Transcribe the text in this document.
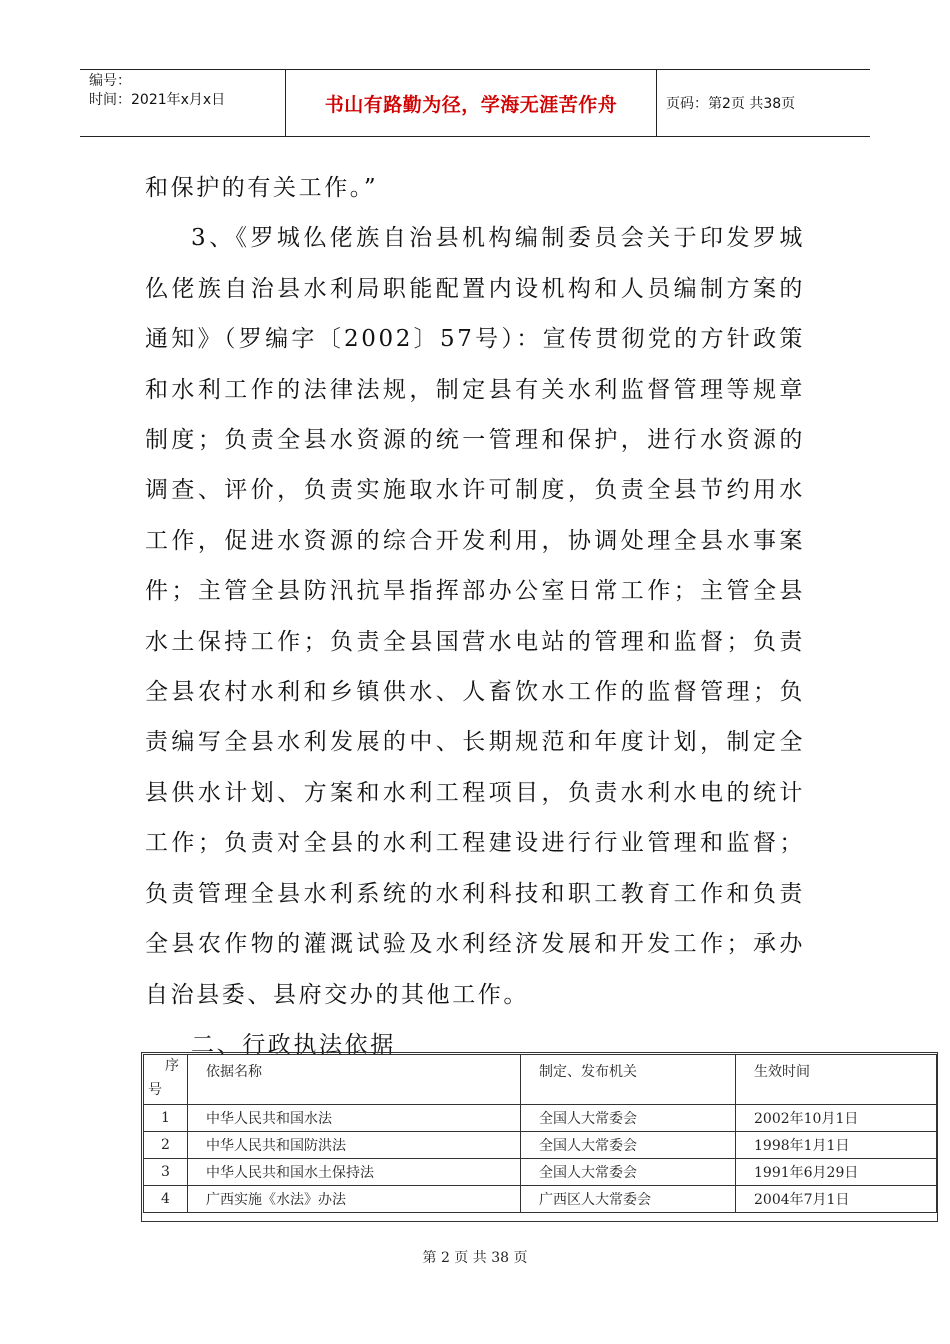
编号：
时间：2021年x月x日	书山有路勤为径，学海无涯苦作舟	页码：第2页 共38页

和保护的有关工作。”

3、《罗城仫佬族自治县机构编制委员会关于印发罗城仫佬族自治县水利局职能配置内设机构和人员编制方案的通知》（罗编字〔2002〕57号）：宣传贯彻党的方针政策和水利工作的法律法规，制定县有关水利监督管理等规章制度；负责全县水资源的统一管理和保护，进行水资源的调查、评价，负责实施取水许可制度，负责全县节约用水工作，促进水资源的综合开发利用，协调处理全县水事案件；主管全县防汛抗旱指挥部办公室日常工作；主管全县水土保持工作；负责全县国营水电站的管理和监督；负责全县农村水利和乡镇供水、人畜饮水工作的监督管理；负责编写全县水利发展的中、长期规范和年度计划，制定全县供水计划、方案和水利工程项目，负责水利水电的统计工作；负责对全县的水利工程建设进行行业管理和监督；负责管理全县水利系统的水利科技和职工教育工作和负责全县农作物的灌溉试验及水利经济发展和开发工作；承办自治县委、县府交办的其他工作。

二、行政执法依据

序
号	依据名称	制定、发布机关	生效时间
1	中华人民共和国水法	全国人大常委会	2002年10月1日
2	中华人民共和国防洪法	全国人大常委会	1998年1月1日
3	中华人民共和国水土保持法	全国人大常委会	1991年6月29日
4	广西实施《水法》办法	广西区人大常委会	2004年7月1日
第 2 页 共 38 页
